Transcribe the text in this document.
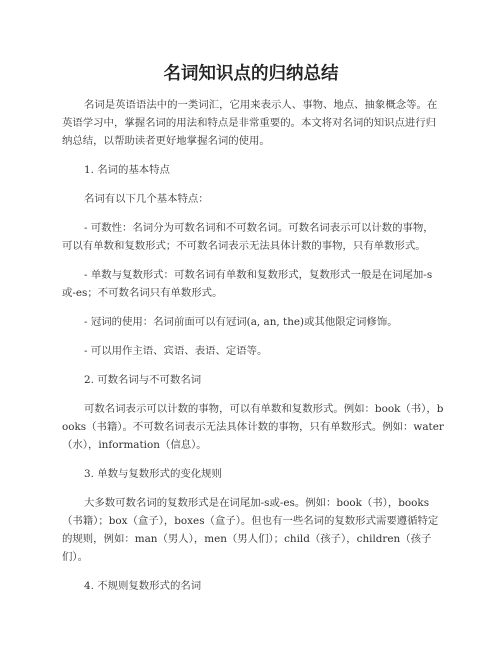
名词知识点的归纳总结

名词是英语语法中的一类词汇，它用来表示人、事物、地点、抽象概念等。在英语学习中，掌握名词的用法和特点是非常重要的。本文将对名词的知识点进行归纳总结，以帮助读者更好地掌握名词的使用。

1. 名词的基本特点

名词有以下几个基本特点：

- 可数性：名词分为可数名词和不可数名词。可数名词表示可以计数的事物，可以有单数和复数形式；不可数名词表示无法具体计数的事物，只有单数形式。

- 单数与复数形式：可数名词有单数和复数形式，复数形式一般是在词尾加-s或-es；不可数名词只有单数形式。

- 冠词的使用：名词前面可以有冠词(a, an, the)或其他限定词修饰。

- 可以用作主语、宾语、表语、定语等。

2. 可数名词与不可数名词

可数名词表示可以计数的事物，可以有单数和复数形式。例如：book（书），books（书籍）。不可数名词表示无法具体计数的事物，只有单数形式。例如：water（水），information（信息）。

3. 单数与复数形式的变化规则

大多数可数名词的复数形式是在词尾加-s或-es。例如：book（书），books（书籍）；box（盒子），boxes（盒子）。但也有一些名词的复数形式需要遵循特定的规则，例如：man（男人），men（男人们）；child（孩子），children（孩子们）。

4. 不规则复数形式的名词
